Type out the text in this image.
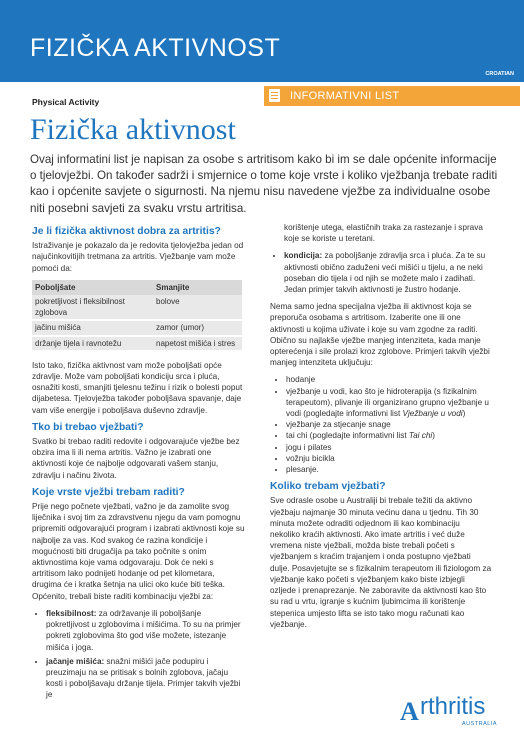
FIZIČKA AKTIVNOST
CROATIAN
Physical Activity	INFORMATIVNI LIST
Fizička aktivnost
Ovaj informatini list je napisan za osobe s artritisom kako bi im se dale općenite informacije o tjelovježbi. On također sadrži i smjernice o tome koje vrste i koliko vježbanja trebate raditi kao i općenite savjete o sigurnosti. Na njemu nisu navedene vježbe za individualne osobe niti posebni savjeti za svaku vrstu artritisa.
Je li fizička aktivnost dobra za artritis?

Istraživanje je pokazalo da je redovita tjelovježba jedan od najučinkovitijih tretmana za artritis. Vježbanje vam može pomoći da:

Poboljšate	Smanjite
pokretljivost i fleksibilnost zglobova	bolove
jačinu mišića	zamor (umor)
držanje tijela i ravnotežu	napetost mišića i stres

Isto tako, fizička aktivnost vam može poboljšati opće zdravlje. Može vam poboljšati kondiciju srca i pluća, osnažiti kosti, smanjiti tjelesnu težinu i rizik o bolesti poput dijabetesa. Tjelovježba također poboljšava spavanje, daje vam više energije i poboljšava duševno zdravlje.

Tko bi trebao vježbati?

Svatko bi trebao raditi redovite i odgovarajuće vježbe bez obzira ima li ili nema artritis. Važno je izabrati one aktivnosti koje će najbolje odgovarati vašem stanju, zdravlju i načinu života.

Koje vrste vježbi trebam raditi?

Prije nego počnete vježbati, važno je da zamolite svog liječnika i svoj tim za zdravstvenu njegu da vam pomognu pripremiti odgovarajući program i izabrati aktivnosti koje su najbolje za vas. Kod svakog će razina kondicije i mogućnosti biti drugačija pa tako počnite s onim aktivnostima koje vama odgovaraju. Dok će neki s artritisom lako podnijeti hodanje od pet kilometara, drugima će i kratka šetnja na ulici oko kuće biti teška. Općenito, trebali biste raditi kombinaciju vježbi za:

• fleksibilnost: za održavanje ili poboljšanje pokretljivost u zglobovima i mišićima. To su na primjer pokreti zglobovima što god više možete, istezanje mišića i joga.
• jačanje mišića: snažni mišići jače podupiru i preuzimaju na se pritisak s bolnih zglobova, jačaju kosti i poboljšavaju držanje tijela. Primjer takvih vježbi je

korištenje utega, elastičnih traka za rastezanje i sprava koje se koriste u teretani.

• kondicija: za poboljšanje zdravlja srca i pluća. Za te su aktivnosti obično zaduženi veći mišići u tijelu, a ne neki poseban dio tijela i od njih se možete malo i zadihati. Jedan primjer takvih aktivnosti je žustro hodanje.

Nema samo jedna specijalna vježba ili aktivnost koja se preporuča osobama s artritisom. Izaberite one ili one aktivnosti u kojima uživate i koje su vam zgodne za raditi. Obično su najlakše vježbe manjeg intenziteta, kada manje opterećenja i sile prolazi kroz zglobove. Primjeri takvih vježbi manjeg intenziteta uključuju:

• hodanje
• vježbanje u vodi, kao što je hidroterapija (s fizikalnim terapeutom), plivanje ili organizirano grupno vježbanje u vodi (pogledajte informativni list Vježbanje u vodi)
• vježbanje za stjecanje snage
• tai chi (pogledajte informativni list Tai chi)
• jogu i pilates
• vožnju bicikla
• plesanje.
Koliko trebam vježbati?

Sve odrasle osobe u Australiji bi trebale težiti da aktivno vježbaju najmanje 30 minuta većinu dana u tjednu. Tih 30 minuta možete odraditi odjednom ili kao kombinaciju nekoliko kraćih aktivnosti. Ako imate artritis i već duže vremena niste vježbali, možda biste trebali početi s vježbanjem s kraćim trajanjem i onda postupno vježbati dulje. Posavjetujte se s fizikalnim terapeutom ili fiziologom za vježbanje kako početi s vježbanjem kako biste izbjegli ozljede i prenaprezanje. Ne zaboravite da aktivnosti kao što su rad u vrtu, igranje s kućnim ljubimcima ili korištenje stepenica umjesto lifta se isto tako mogu računati kao vježbanje.

A rthritis
AUSTRALIA
